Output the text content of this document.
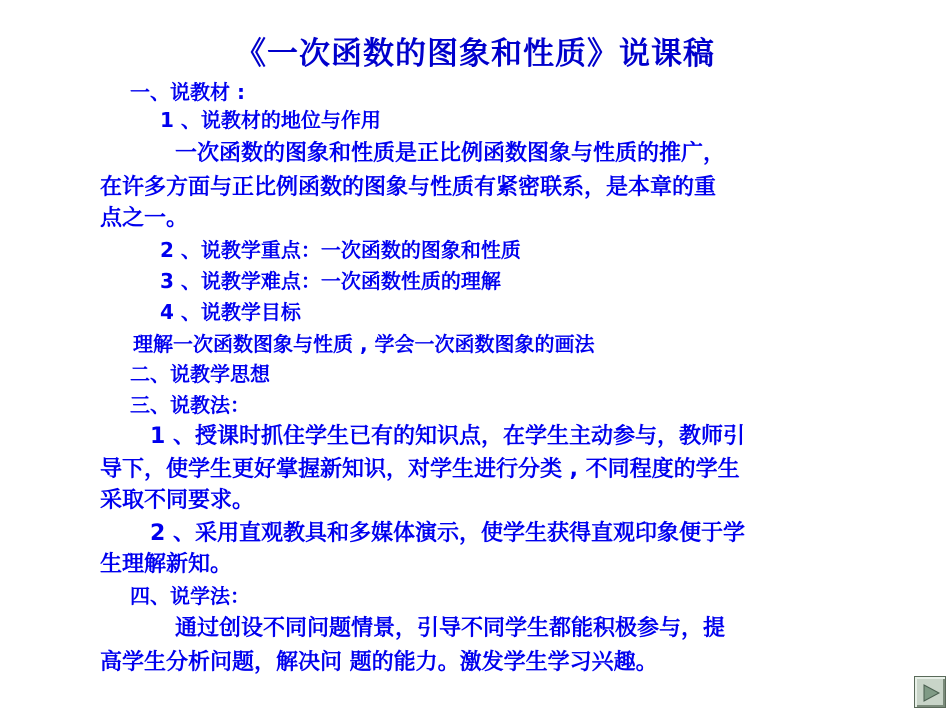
《一次函数的图象和性质》说课稿
一、说教材 :
1 、说教材的地位与作用
一次函数的图象和性质是正比例函数图象与性质的推广，
在许多方面与正比例函数的图象与性质有紧密联系，是本章的重
点之一。
2 、说教学重点：一次函数的图象和性质
3 、说教学难点：一次函数性质的理解
4 、说教学目标
理解一次函数图象与性质 , 学会一次函数图象的画法
二、说教学思想
三、说教法：
1 、授课时抓住学生已有的知识点，在学生主动参与，教师引
导下，使学生更好掌握新知识，对学生进行分类 , 不同程度的学生
采取不同要求。
2 、采用直观教具和多媒体演示，使学生获得直观印象便于学
生理解新知。
四、说学法：
通过创设不同问题情景，引导不同学生都能积极参与，提
高学生分析问题，解决问 题的能力。激发学生学习兴趣。
